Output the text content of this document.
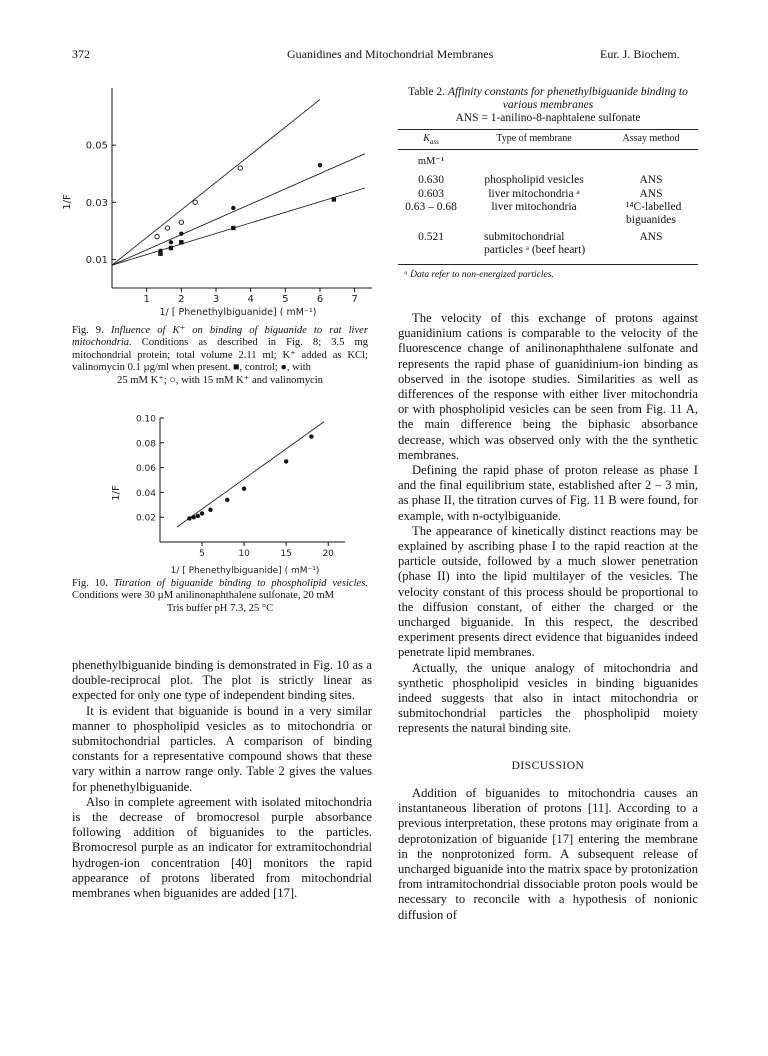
372	Guanidines and Mitochondrial Membranes	Eur. J. Biochem.
1	2	3	4	5	6	7
0.01
0.03
0.05
1/F
1/ [ Phenethylbiguanide] ( mM⁻¹)
Fig. 9. Influence of K⁺ on binding of biguanide to rat liver mitochondria. Conditions as described in Fig. 8; 3.5 mg mitochondrial protein; total volume 2.11 ml; K⁺ added as KCl; valinomycin 0.1 µg/ml when present. ■, control; ●, with
25 mM K⁺; ○, with 15 mM K⁺ and valinomycin
5	10	15	20
0.02
0.04
0.06
0.08
0.10
1/F
1/ [ Phenethylbiguanide] ( mM⁻¹)
Fig. 10. Titration of biguanide binding to phospholipid vesicles. Conditions were 30 µM anilinonaphthalene sulfonate, 20 mM
Tris buffer pH 7.3, 25 °C

phenethylbiguanide binding is demonstrated in Fig. 10 as a double-reciprocal plot. The plot is strictly linear as expected for only one type of independent binding sites.

It is evident that biguanide is bound in a very similar manner to phospholipid vesicles as to mitochondria or submitochondrial particles. A comparison of binding constants for a representative compound shows that these vary within a narrow range only. Table 2 gives the values for phenethylbiguanide.

Also in complete agreement with isolated mitochondria is the decrease of bromocresol purple absorbance following addition of biguanides to the particles. Bromocresol purple as an indicator for extramitochondrial hydrogen-ion concentration [40] monitors the rapid appearance of protons liberated from mitochondrial membranes when biguanides are added [17].

Table 2. Affinity constants for phenethylbiguanide binding to
various membranes
ANS = 1-anilino-8-naphtalene sulfonate
$K_{ass}$	Type of membrane	Assay method

mM⁻¹		

0.630	phospholipid vesicles	ANS
0.603	liver mitochondria ᵃ	ANS
0.63 – 0.68	liver mitochondria	¹⁴C-labelled
biguanides

0.521	submitochondrial
particles ᵃ (beef heart)	ANS

ᵃ Data refer to non-energized particles.

The velocity of this exchange of protons against guanidinium cations is comparable to the velocity of the fluorescence change of anilinonaphthalene sulfonate and represents the rapid phase of guanidinium-ion binding as observed in the isotope studies. Similarities as well as differences of the response with either liver mitochondria or with phospholipid vesicles can be seen from Fig. 11 A, the main difference being the biphasic absorbance decrease, which was observed only with the the synthetic membranes.

Defining the rapid phase of proton release as phase I and the final equilibrium state, established after 2 – 3 min, as phase II, the titration curves of Fig. 11 B were found, for example, with n-octylbiguanide.

The appearance of kinetically distinct reactions may be explained by ascribing phase I to the rapid reaction at the particle outside, followed by a much slower penetration (phase II) into the lipid multilayer of the vesicles. The velocity constant of this process should be proportional to the diffusion constant, of either the charged or the uncharged biguanide. In this respect, the described experiment presents direct evidence that biguanides indeed penetrate lipid membranes.

Actually, the unique analogy of mitochondria and synthetic phospholipid vesicles in binding biguanides indeed suggests that also in intact mitochondria or submitochondrial particles the phospholipid moiety represents the natural binding site.

DISCUSSION

Addition of biguanides to mitochondria causes an instantaneous liberation of protons [11]. According to a previous interpretation, these protons may originate from a deprotonization of biguanide [17] entering the membrane in the nonprotonized form. A subsequent release of uncharged biguanide into the matrix space by protonization from intramitochondrial dissociable proton pools would be necessary to reconcile with a hypothesis of nonionic diffusion of
